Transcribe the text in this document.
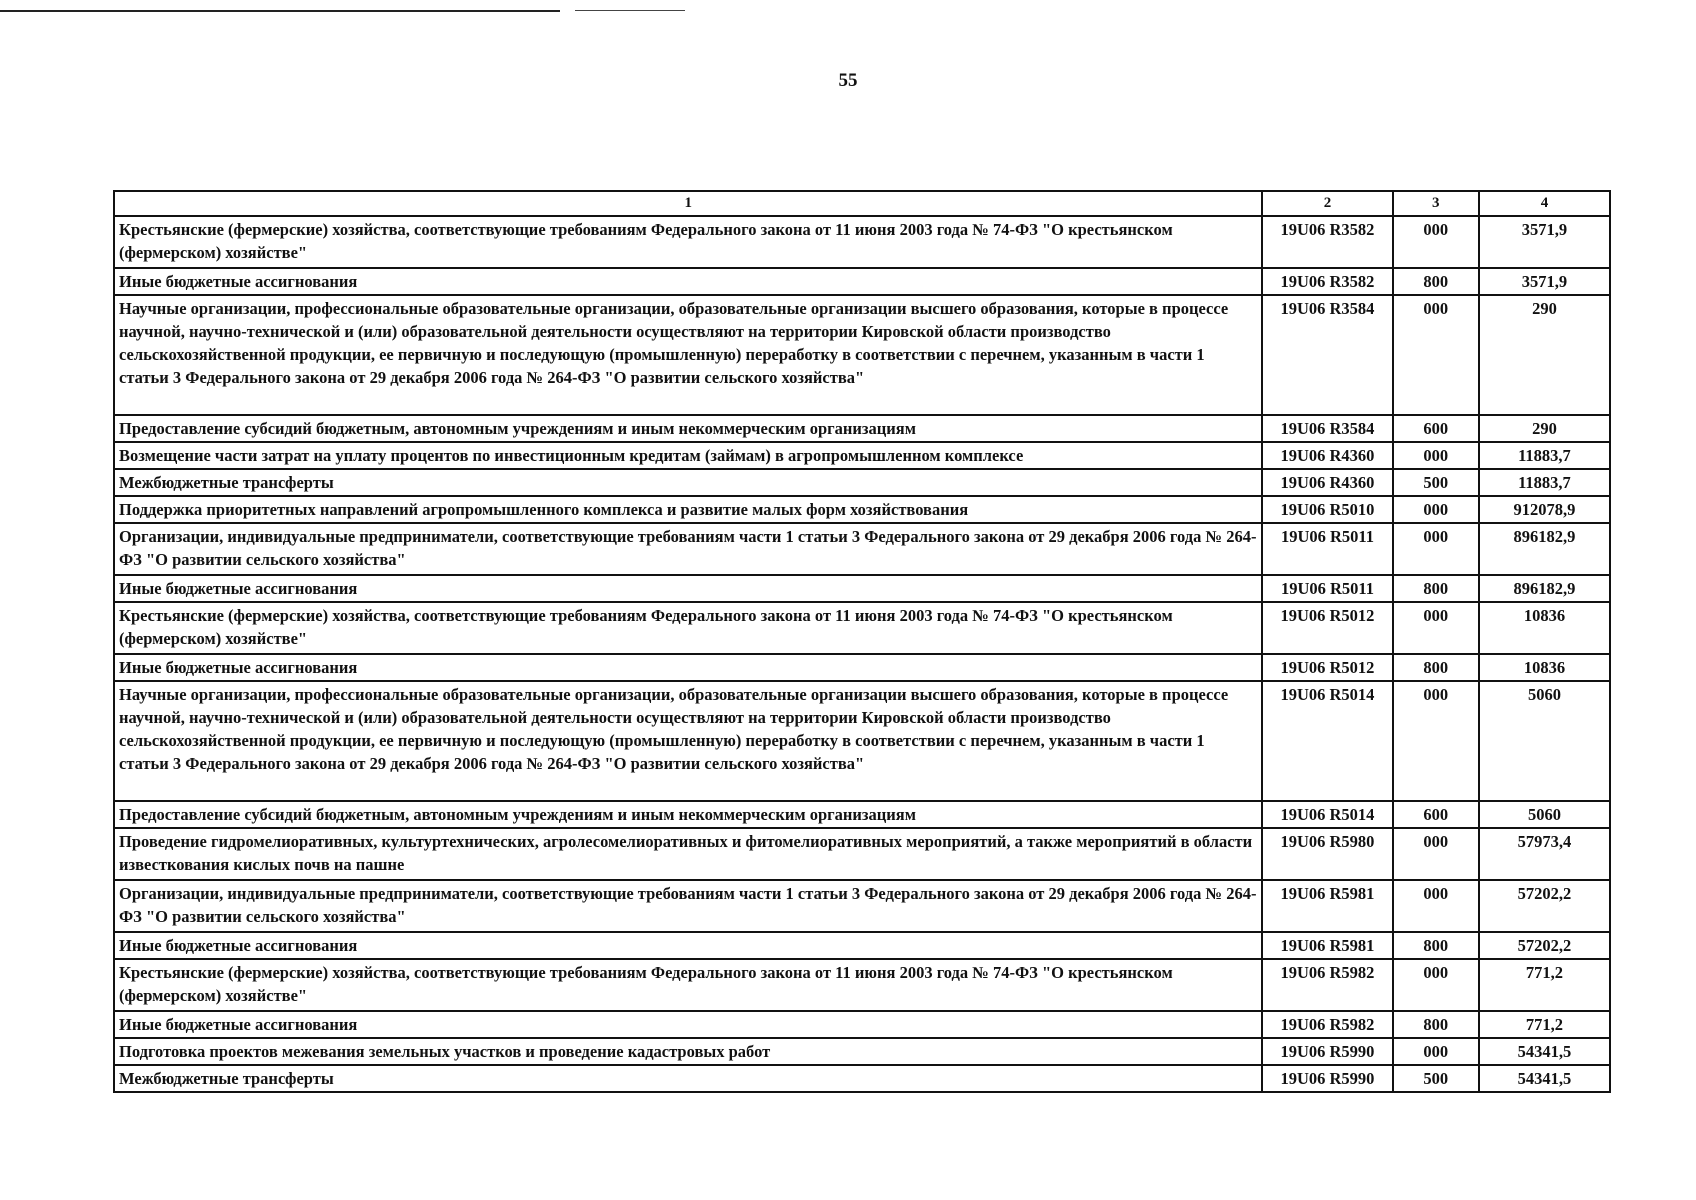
55
1	2	3	4
Крестьянские (фермерские) хозяйства, соответствующие требованиям Федерального закона от 11 июня 2003 года № 74-ФЗ "О крестьянском (фермерском) хозяйстве"	19U06 R3582	000	3571,9
Иные бюджетные ассигнования	19U06 R3582	800	3571,9
Научные организации, профессиональные образовательные организации, образовательные организации высшего образования, которые в процессе научной, научно-технической и (или) образовательной деятельности осуществляют на территории Кировской области производство сельскохозяйственной продукции, ее первичную и последующую (промышленную) переработку в соответствии с перечнем, указанным в части 1 статьи 3 Федерального закона от 29 декабря 2006 года № 264-ФЗ "О развитии сельского хозяйства"	19U06 R3584	000	290
Предоставление субсидий бюджетным, автономным учреждениям и иным некоммерческим организациям	19U06 R3584	600	290
Возмещение части затрат на уплату процентов по инвестиционным кредитам (займам) в агропромышленном комплексе	19U06 R4360	000	11883,7
Межбюджетные трансферты	19U06 R4360	500	11883,7
Поддержка приоритетных направлений агропромышленного комплекса и развитие малых форм хозяйствования	19U06 R5010	000	912078,9
Организации, индивидуальные предприниматели, соответствующие требованиям части 1 статьи 3 Федерального закона от 29 декабря 2006 года № 264-ФЗ "О развитии сельского хозяйства"	19U06 R5011	000	896182,9
Иные бюджетные ассигнования	19U06 R5011	800	896182,9
Крестьянские (фермерские) хозяйства, соответствующие требованиям Федерального закона от 11 июня 2003 года № 74-ФЗ "О крестьянском (фермерском) хозяйстве"	19U06 R5012	000	10836
Иные бюджетные ассигнования	19U06 R5012	800	10836
Научные организации, профессиональные образовательные организации, образовательные организации высшего образования, которые в процессе научной, научно-технической и (или) образовательной деятельности осуществляют на территории Кировской области производство сельскохозяйственной продукции, ее первичную и последующую (промышленную) переработку в соответствии с перечнем, указанным в части 1 статьи 3 Федерального закона от 29 декабря 2006 года № 264-ФЗ "О развитии сельского хозяйства"	19U06 R5014	000	5060
Предоставление субсидий бюджетным, автономным учреждениям и иным некоммерческим организациям	19U06 R5014	600	5060
Проведение гидромелиоративных, культуртехнических, агролесомелиоративных и фитомелиоративных мероприятий, а также мероприятий в области известкования кислых почв на пашне	19U06 R5980	000	57973,4
Организации, индивидуальные предприниматели, соответствующие требованиям части 1 статьи 3 Федерального закона от 29 декабря 2006 года № 264-ФЗ "О развитии сельского хозяйства"	19U06 R5981	000	57202,2
Иные бюджетные ассигнования	19U06 R5981	800	57202,2
Крестьянские (фермерские) хозяйства, соответствующие требованиям Федерального закона от 11 июня 2003 года № 74-ФЗ "О крестьянском (фермерском) хозяйстве"	19U06 R5982	000	771,2
Иные бюджетные ассигнования	19U06 R5982	800	771,2
Подготовка проектов межевания земельных участков и проведение кадастровых работ	19U06 R5990	000	54341,5
Межбюджетные трансферты	19U06 R5990	500	54341,5
